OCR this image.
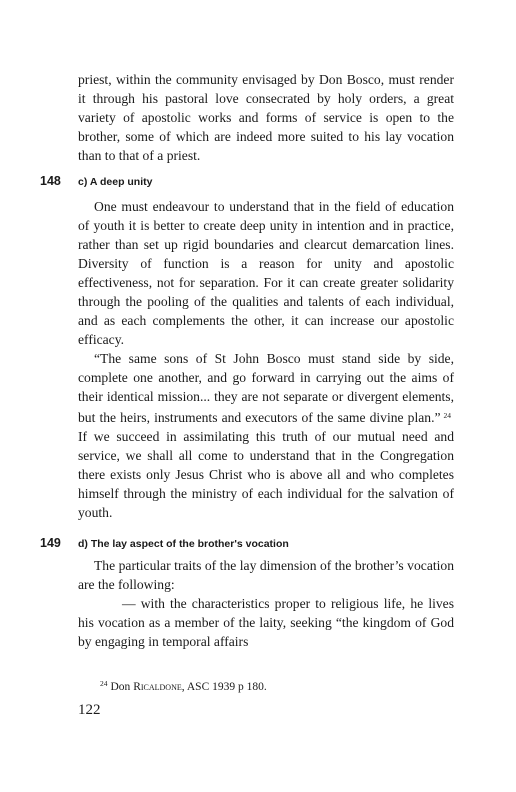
priest, within the community envisaged by Don Bosco, must render it through his pastoral love consecrated by holy orders, a great variety of apostolic works and forms of service is open to the brother, some of which are indeed more suited to his lay vocation than to that of a priest.

148 c) A deep unity

One must endeavour to understand that in the field of education of youth it is better to create deep unity in intention and in practice, rather than set up rigid boundaries and clearcut demarcation lines. Diversity of function is a reason for unity and apostolic effectiveness, not for separation. For it can create greater solidarity through the pooling of the qualities and talents of each individual, and as each complements the other, it can increase our apostolic efficacy.

“The same sons of St John Bosco must stand side by side, complete one another, and go forward in carrying out the aims of their identical mission... they are not separate or divergent elements, but the heirs, instruments and executors of the same divine plan.” $^{24}$ If we succeed in assimilating this truth of our mutual need and service, we shall all come to understand that in the Congregation there exists only Jesus Christ who is above all and who completes himself through the ministry of each individual for the salvation of youth.

149 d) The lay aspect of the brother's vocation

The particular traits of the lay dimension of the brother’s vocation are the following:

— with the characteristics proper to religious life, he lives his vocation as a member of the laity, seeking “the kingdom of God by engaging in temporal affairs

$^{24}$ Don Ricaldone, ASC 1939 p 180.
122
